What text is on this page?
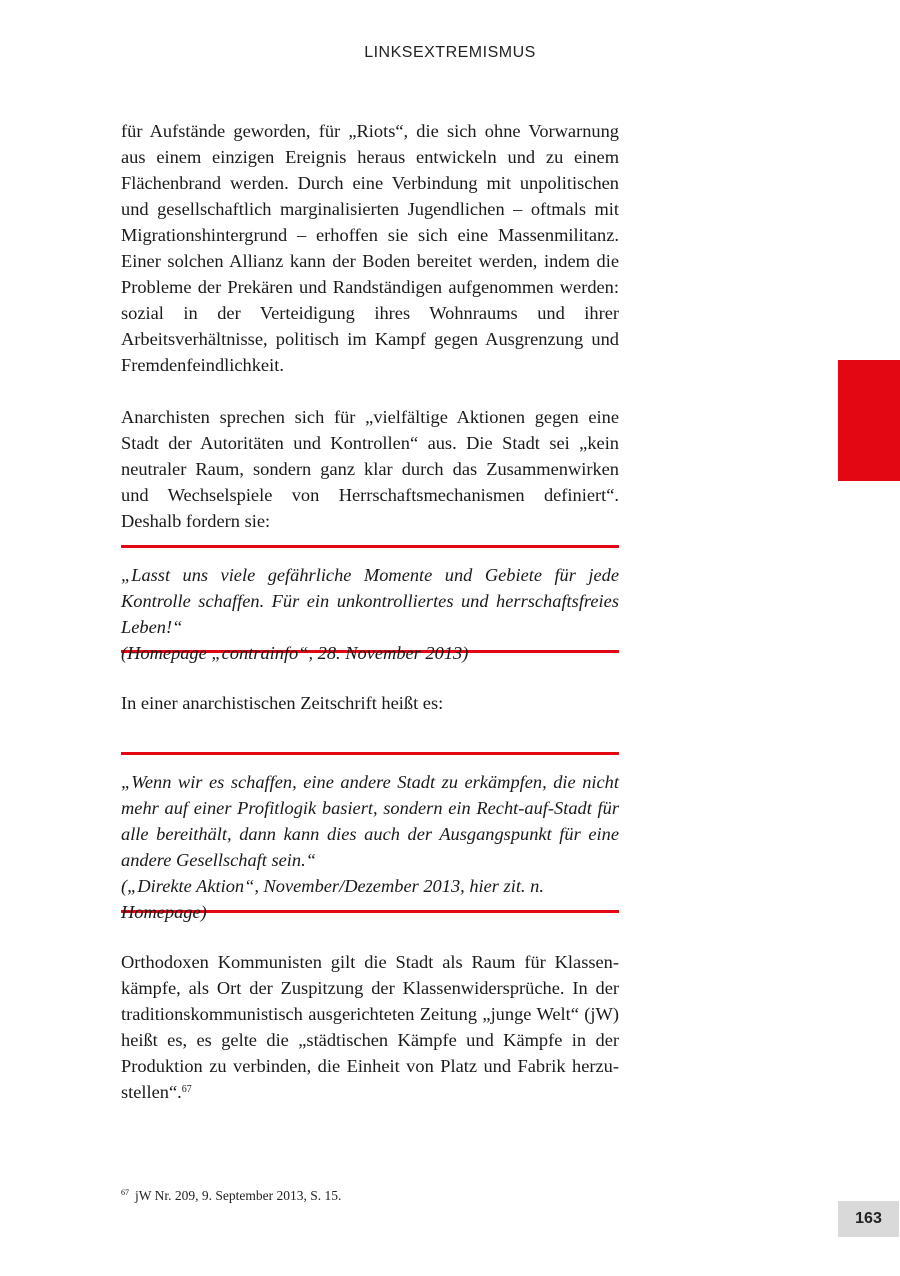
LINKSEXTREMISMUS

für Aufstände geworden, für „Riots“, die sich ohne Vorwarnung aus einem einzigen Ereignis heraus entwickeln und zu einem Flächenbrand werden. Durch eine Verbindung mit unpolitischen und gesellschaftlich marginalisierten Jugendlichen – oftmals mit Migrationshintergrund – erhoffen sie sich eine Massenmilitanz. Einer solchen Allianz kann der Boden bereitet werden, indem die Probleme der Prekären und Randständigen aufgenommen werden: sozial in der Verteidigung ihres Wohnraums und ihrer Arbeitsverhältnisse, politisch im Kampf gegen Ausgrenzung und Fremdenfeindlichkeit.

Anarchisten sprechen sich für „vielfältige Aktionen gegen eine Stadt der Autoritäten und Kontrollen“ aus. Die Stadt sei „kein neutraler Raum, sondern ganz klar durch das Zusammenwirken und Wechselspiele von Herrschaftsmechanismen definiert“. Deshalb fordern sie:

„Lasst uns viele gefährliche Momente und Gebiete für jede Kontrolle schaffen. Für ein unkontrolliertes und herrschaftsfreies Leben!“

(Homepage „contrainfo“, 28. November 2013)

In einer anarchistischen Zeitschrift heißt es:

„Wenn wir es schaffen, eine andere Stadt zu erkämpfen, die nicht mehr auf einer Profitlogik basiert, sondern ein Recht-auf-Stadt für alle bereithält, dann kann dies auch der Ausgangspunkt für eine andere Gesellschaft sein.“

(„Direkte Aktion“, November/Dezember 2013, hier zit. n. Homepage)

Orthodoxen Kommunisten gilt die Stadt als Raum für Klassenkämpfe, als Ort der Zuspitzung der Klassenwidersprüche. In der traditionskommunistisch ausgerichteten Zeitung „junge Welt“ (jW) heißt es, es gelte die „städtischen Kämpfe und Kämpfe in der Produktion zu verbinden, die Einheit von Platz und Fabrik herzustellen“.$^{67}$

$^{67}$ jW Nr. 209, 9. September 2013, S. 15.
163
